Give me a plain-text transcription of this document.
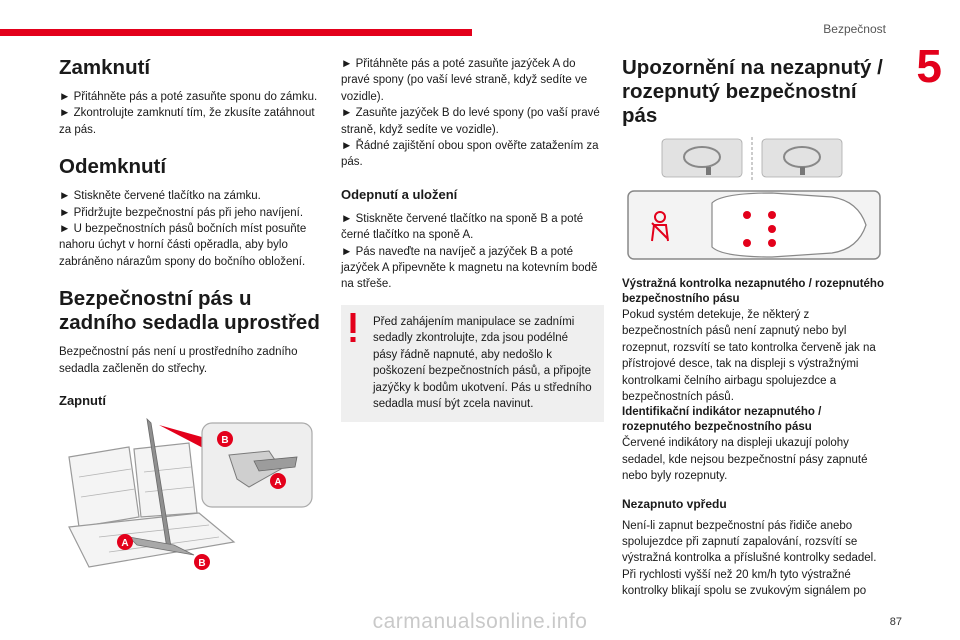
Bezpečnost
5
Zamknutí

► Přitáhněte pás a poté zasuňte sponu do zámku.

► Zkontrolujte zamknutí tím, že zkusíte zatáhnout za pás.

Odemknutí

► Stiskněte červené tlačítko na zámku.

► Přidržujte bezpečnostní pás při jeho navíjení.

► U bezpečnostních pásů bočních míst posuňte nahoru úchyt v horní části opěradla, aby bylo zabráněno nárazům spony do bočního obložení.

Bezpečnostní pás u zadního sedadla uprostřed

Bezpečnostní pás není u prostředního zadního sedadla začleněn do střechy.

Zapnutí
B
A
A
B

► Přitáhněte pás a poté zasuňte jazýček A do pravé spony (po vaší levé straně, když sedíte ve vozidle).

► Zasuňte jazýček B do levé spony (po vaší pravé straně, když sedíte ve vozidle).

► Řádné zajištění obou spon ověřte zatažením za pás.

Odepnutí a uložení

► Stiskněte červené tlačítko na sponě B a poté černé tlačítko na sponě A.

► Pás naveďte na navíječ a jazýček B a poté jazýček A připevněte k magnetu na kotevním bodě na střeše.

Před zahájením manipulace se zadními sedadly zkontrolujte, zda jsou podélné pásy řádně napnuté, aby nedošlo k poškození bezpečnostních pásů, a připojte jazýčky k bodům ukotvení. Pás u středního sedadla musí být zcela navinut.

Upozornění na nezapnutý / rozepnutý bezpečnostní pás
Výstražná kontrolka nezapnutého / rozepnutého bezpečnostního pásu

Pokud systém detekuje, že některý z bezpečnostních pásů není zapnutý nebo byl rozepnut, rozsvítí se tato kontrolka červeně jak na přístrojové desce, tak na displeji s výstražnými kontrolkami čelního airbagu spolujezdce a bezpečnostních pásů.

Identifikační indikátor nezapnutého / rozepnutého bezpečnostního pásu

Červené indikátory na displeji ukazují polohy sedadel, kde nejsou bezpečnostní pásy zapnuté nebo byly rozepnuty.

Nezapnuto vpředu

Není-li zapnut bezpečnostní pás řidiče anebo spolujezdce při zapnutí zapalování, rozsvítí se výstražná kontrolka a příslušné kontrolky sedadel.

Při rychlosti vyšší než 20 km/h tyto výstražné kontrolky blikají spolu se zvukovým signálem po

carmanualsonline.info	87
